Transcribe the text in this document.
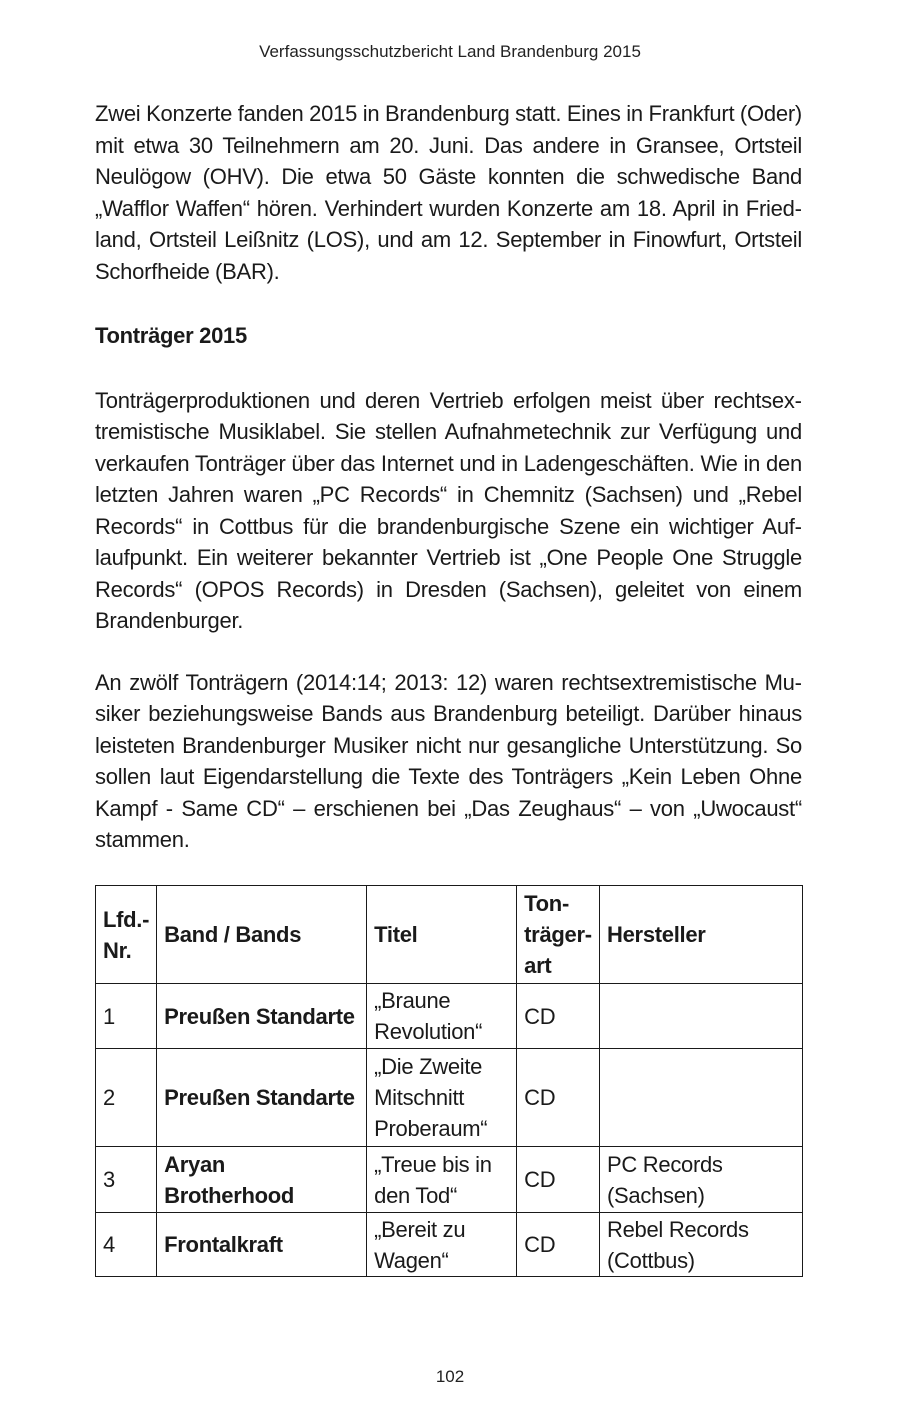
Verfassungsschutzbericht Land Brandenburg 2015

Zwei Konzerte fanden 2015 in Brandenburg statt. Eines in Frankfurt (Oder) mit etwa 30 Teilnehmern am 20. Juni. Das andere in Gransee, Ortsteil Neulögow (OHV). Die etwa 50 Gäste konnten die schwedische Band „Wafflor Waffen“ hören. Verhindert wurden Konzerte am 18. April in Friedland, Ortsteil Leißnitz (LOS), und am 12. September in Finowfurt, Ortsteil Schorfheide (BAR).

Tonträger 2015

Tonträgerproduktionen und deren Vertrieb erfolgen meist über rechtsextremistische Musiklabel. Sie stellen Aufnahmetechnik zur Verfügung und verkaufen Tonträger über das Internet und in Ladengeschäften. Wie in den letzten Jahren waren „PC Records“ in Chemnitz (Sachsen) und „Rebel Records“ in Cottbus für die brandenburgische Szene ein wichtiger Auflaufpunkt. Ein weiterer bekannter Vertrieb ist „One People One Struggle Records“ (OPOS Records) in Dresden (Sachsen), geleitet von einem Brandenburger.

An zwölf Tonträgern (2014:14; 2013: 12) waren rechtsextremistische Musiker beziehungsweise Bands aus Brandenburg beteiligt. Darüber hinaus leisteten Brandenburger Musiker nicht nur gesangliche Unterstützung. So sollen laut Eigendarstellung die Texte des Tonträgers „Kein Leben Ohne Kampf - Same CD“ – erschienen bei „Das Zeughaus“ – von „Uwocaust“ stammen.

Lfd.-Nr.	Band / Bands	Titel	Tonträgerart	Hersteller
1	Preußen Standarte	„Braune Revolution“	CD	
2	Preußen Standarte	„Die Zweite Mitschnitt Proberaum“	CD	
3	Aryan Brotherhood	„Treue bis in den Tod“	CD	PC Records (Sachsen)
4	Frontalkraft	„Bereit zu Wagen“	CD	Rebel Records (Cottbus)
102
